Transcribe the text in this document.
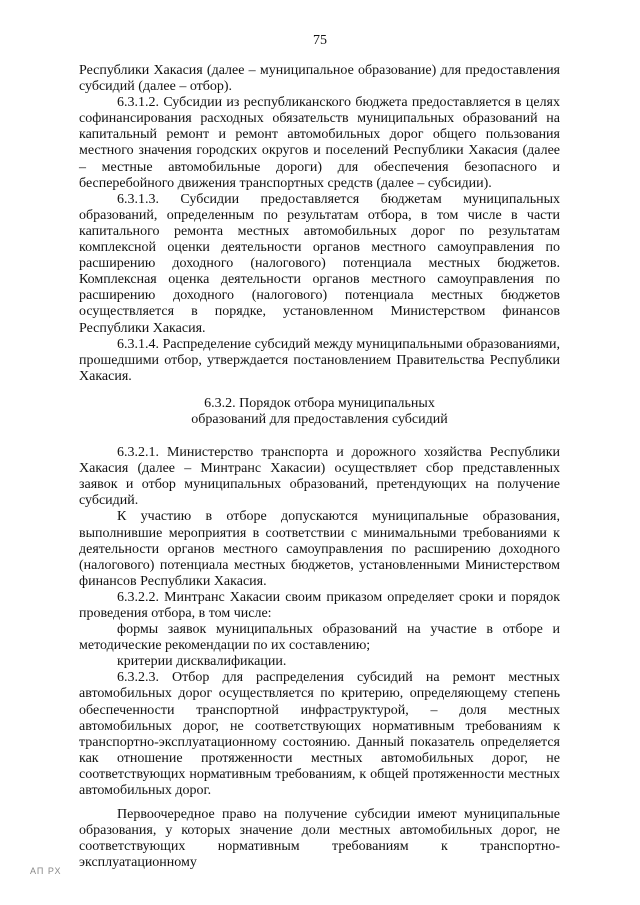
75

Республики Хакасия (далее – муниципальное образование) для предоставления субсидий (далее – отбор).

6.3.1.2. Субсидии из республиканского бюджета предоставляется в целях софинансирования расходных обязательств муниципальных образований на капитальный ремонт и ремонт автомобильных дорог общего пользования местного значения городских округов и поселений Республики Хакасия (далее – местные автомобильные дороги) для обеспечения безопасного и бесперебойного движения транспортных средств (далее – субсидии).

6.3.1.3. Субсидии предоставляется бюджетам муниципальных образований, определенным по результатам отбора, в том числе в части капитального ремонта местных автомобильных дорог по результатам комплексной оценки деятельности органов местного самоуправления по расширению доходного (налогового) потенциала местных бюджетов. Комплексная оценка деятельности органов местного самоуправления по расширению доходного (налогового) потенциала местных бюджетов осуществляется в порядке, установленном Министерством финансов Республики Хакасия.

6.3.1.4. Распределение субсидий между муниципальными образованиями, прошедшими отбор, утверждается постановлением Правительства Республики Хакасия.

6.3.2. Порядок отбора муниципальных
образований для предоставления субсидий

6.3.2.1. Министерство транспорта и дорожного хозяйства Республики Хакасия (далее – Минтранс Хакасии) осуществляет сбор представленных заявок и отбор муниципальных образований, претендующих на получение субсидий.

К участию в отборе допускаются муниципальные образования, выполнившие мероприятия в соответствии с минимальными требованиями к деятельности органов местного самоуправления по расширению доходного (налогового) потенциала местных бюджетов, установленными Министерством финансов Республики Хакасия.

6.3.2.2. Минтранс Хакасии своим приказом определяет сроки и порядок проведения отбора, в том числе:

формы заявок муниципальных образований на участие в отборе и методические рекомендации по их составлению;

критерии дисквалификации.

6.3.2.3. Отбор для распределения субсидий на ремонт местных автомобильных дорог осуществляется по критерию, определяющему степень обеспеченности транспортной инфраструктурой, – доля местных автомобильных дорог, не соответствующих нормативным требованиям к транспортно-эксплуатационному состоянию. Данный показатель определяется как отношение протяженности местных автомобильных дорог, не соответствующих нормативным требованиям, к общей протяженности местных автомобильных дорог.

Первоочередное право на получение субсидии имеют муниципальные образования, у которых значение доли местных автомобильных дорог, не соответствующих нормативным требованиям к транспортно-эксплуатационному

АП РХ
